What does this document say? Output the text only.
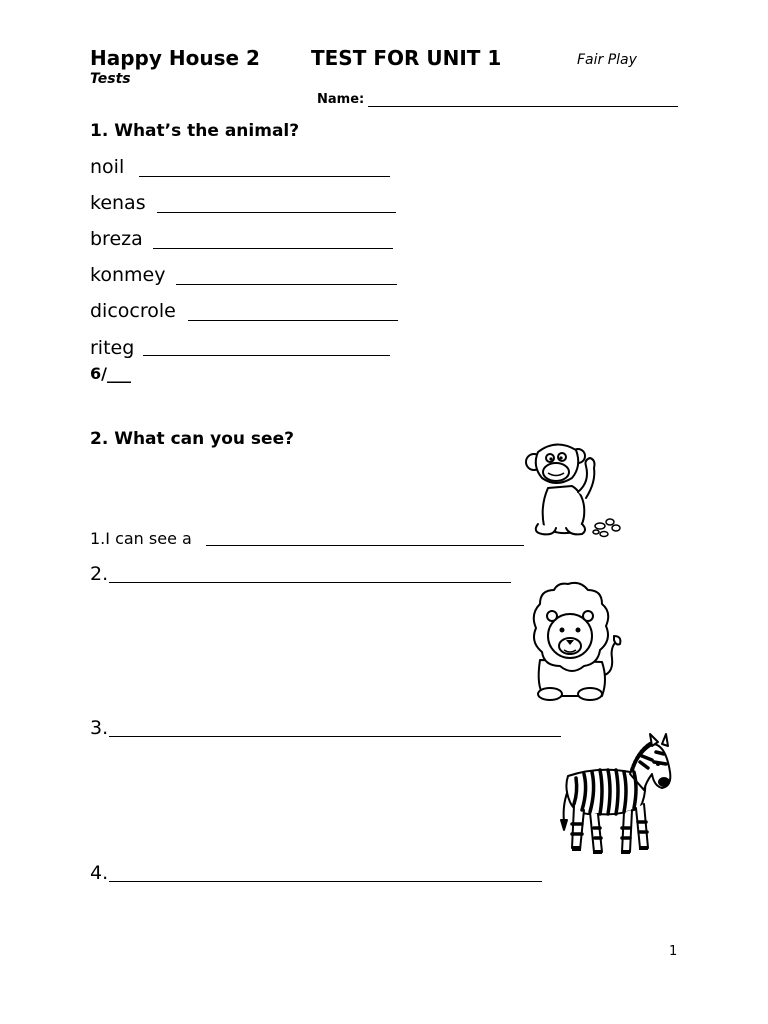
Happy House 2	TEST FOR UNIT 1	Fair Play
Tests
Name:
1. What’s the animal?
noil
kenas
breza
konmey
dicocrole
riteg
6/___
2. What can you see?
1.I can see a
2.
3.
4.
1
